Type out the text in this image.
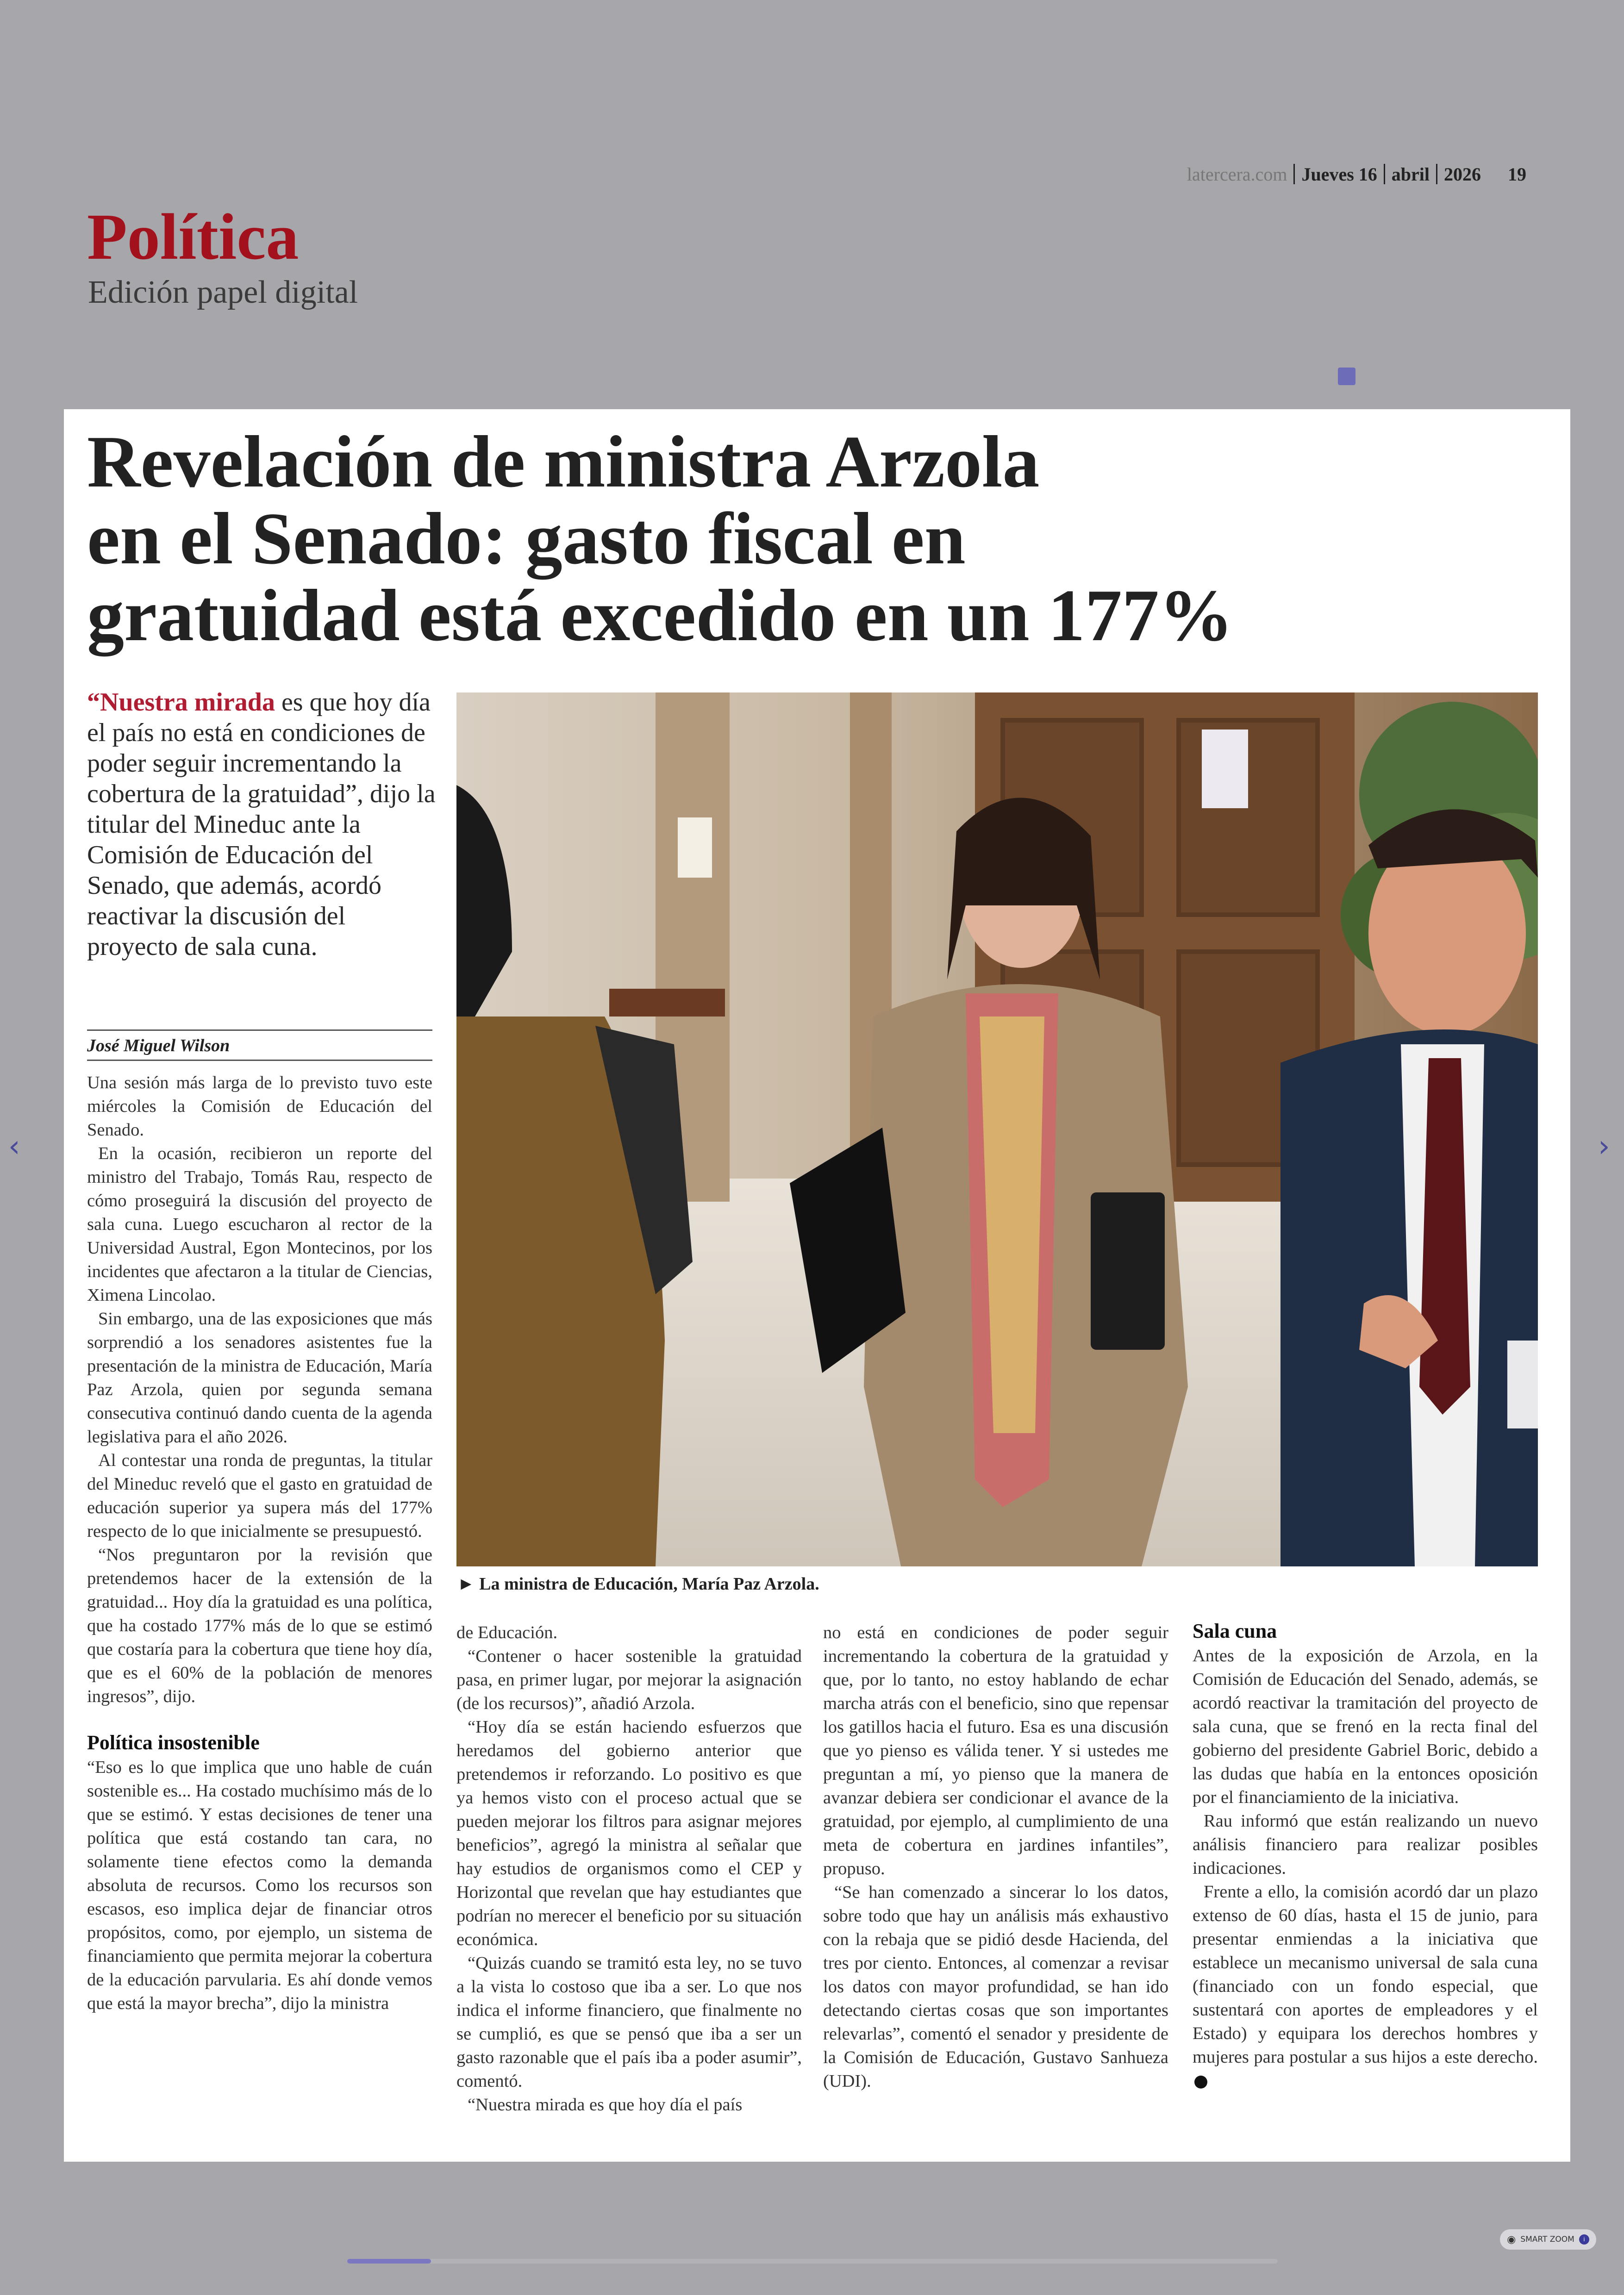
latercera.com Jueves 16 abril 2026 19
Política
Edición papel digital
Revelación de ministra Arzola
en el Senado: gasto fiscal en
gratuidad está excedido en un 177%

“Nuestra mirada es que hoy día el país no está en condiciones de poder seguir incrementando la cobertura de la gratuidad”, dijo la titular del Mineduc ante la Comisión de Educación del Senado, que además, acordó reactivar la discusión del proyecto de sala cuna.

José Miguel Wilson
► La ministra de Educación, María Paz Arzola.

Una sesión más larga de lo previsto tuvo este miércoles la Comisión de Educación del Senado.

En la ocasión, recibieron un reporte del ministro del Trabajo, Tomás Rau, respecto de cómo proseguirá la discusión del proyecto de sala cuna. Luego escucharon al rector de la Universidad Austral, Egon Montecinos, por los incidentes que afectaron a la titular de Ciencias, Ximena Lincolao.

Sin embargo, una de las exposiciones que más sorprendió a los senadores asistentes fue la presentación de la ministra de Educación, María Paz Arzola, quien por segunda semana consecutiva continuó dando cuenta de la agenda legislativa para el año 2026.

Al contestar una ronda de preguntas, la titular del Mineduc reveló que el gasto en gratuidad de educación superior ya supera más del 177% respecto de lo que inicialmente se presupuestó.

“Nos preguntaron por la revisión que pretendemos hacer de la extensión de la gratuidad... Hoy día la gratuidad es una política, que ha costado 177% más de lo que se estimó que costaría para la cobertura que tiene hoy día, que es el 60% de la población de menores ingresos”, dijo.

Política insostenible

“Eso es lo que implica que uno hable de cuán sostenible es... Ha costado muchísimo más de lo que se estimó. Y estas decisiones de tener una política que está costando tan cara, no solamente tiene efectos como la demanda absoluta de recursos. Como los recursos son escasos, eso implica dejar de financiar otros propósitos, como, por ejemplo, un sistema de financiamiento que permita mejorar la cobertura de la educación parvularia. Es ahí donde vemos que está la mayor brecha”, dijo la ministra

de Educación.

“Contener o hacer sostenible la gratuidad pasa, en primer lugar, por mejorar la asignación (de los recursos)”, añadió Arzola.

“Hoy día se están haciendo esfuerzos que heredamos del gobierno anterior que pretendemos ir reforzando. Lo positivo es que ya hemos visto con el proceso actual que se pueden mejorar los filtros para asignar mejores beneficios”, agregó la ministra al señalar que hay estudios de organismos como el CEP y Horizontal que revelan que hay estudiantes que podrían no merecer el beneficio por su situación económica.

“Quizás cuando se tramitó esta ley, no se tuvo a la vista lo costoso que iba a ser. Lo que nos indica el informe financiero, que finalmente no se cumplió, es que se pensó que iba a ser un gasto razonable que el país iba a poder asumir”, comentó.

“Nuestra mirada es que hoy día el país

no está en condiciones de poder seguir incrementando la cobertura de la gratuidad y que, por lo tanto, no estoy hablando de echar marcha atrás con el beneficio, sino que repensar los gatillos hacia el futuro. Esa es una discusión que yo pienso es válida tener. Y si ustedes me preguntan a mí, yo pienso que la manera de avanzar debiera ser condicionar el avance de la gratuidad, por ejemplo, al cumplimiento de una meta de cobertura en jardines infantiles”, propuso.

“Se han comenzado a sincerar lo los datos, sobre todo que hay un análisis más exhaustivo con la rebaja que se pidió desde Hacienda, del tres por ciento. Entonces, al comenzar a revisar los datos con mayor profundidad, se han ido detectando ciertas cosas que son importantes relevarlas”, comentó el senador y presidente de la Comisión de Educación, Gustavo Sanhueza (UDI).

Sala cuna

Antes de la exposición de Arzola, en la Comisión de Educación del Senado, además, se acordó reactivar la tramitación del proyecto de sala cuna, que se frenó en la recta final del gobierno del presidente Gabriel Boric, debido a las dudas que había en la entonces oposición por el financiamiento de la iniciativa.

Rau informó que están realizando un nuevo análisis financiero para realizar posibles indicaciones.

Frente a ello, la comisión acordó dar un plazo extenso de 60 días, hasta el 15 de junio, para presentar enmiendas a la iniciativa que establece un mecanismo universal de sala cuna (financiado con un fondo especial, que sustentará con aportes de empleadores y el Estado) y equipara los derechos hombres y mujeres para postular a sus hijos a este derecho.

‹	›
◉ SMART ZOOM	i
